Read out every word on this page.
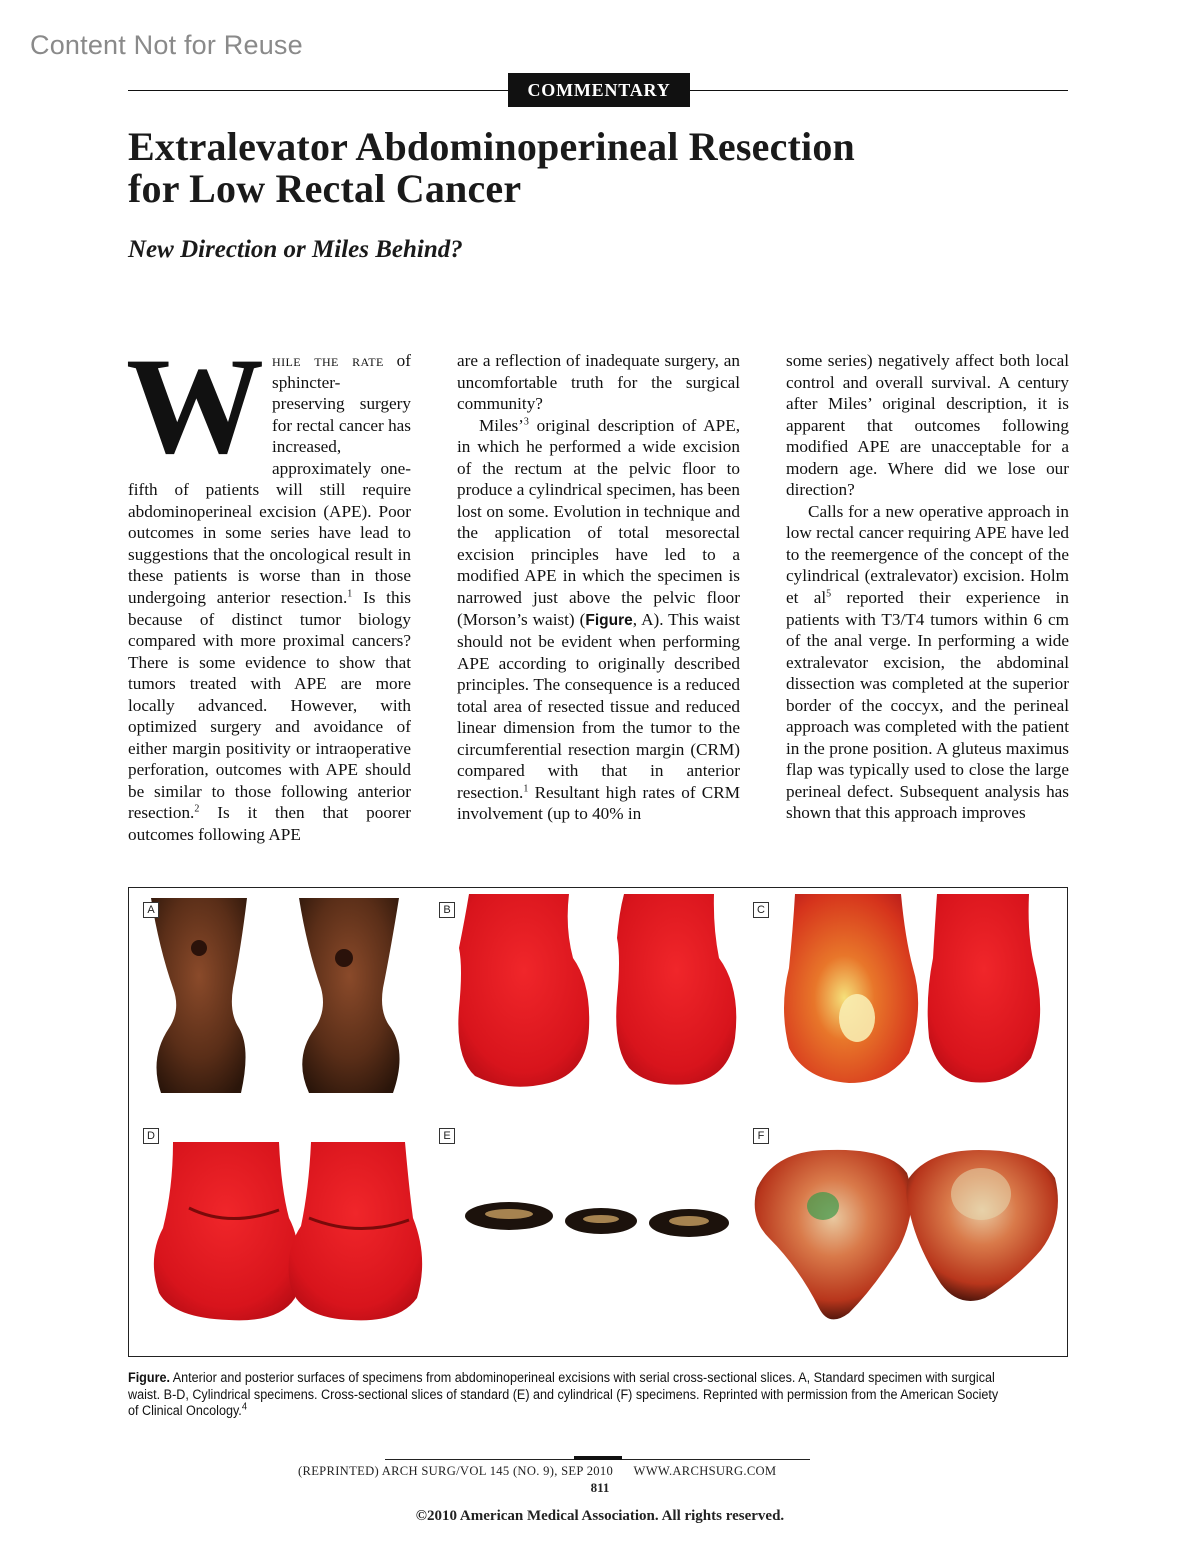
Content Not for Reuse
COMMENTARY
Extralevator Abdominoperineal Resection
for Low Rectal Cancer
New Direction or Miles Behind?

While the rate of sphincter-preserving surgery for rectal cancer has increased, approximately one-fifth of patients will still require abdominoperineal excision (APE). Poor outcomes in some series have lead to suggestions that the oncological result in these patients is worse than in those undergoing anterior resection.$^1$ Is this because of distinct tumor biology compared with more proximal cancers? There is some evidence to show that tumors treated with APE are more locally advanced. However, with optimized surgery and avoidance of either margin positivity or intraoperative perforation, outcomes with APE should be similar to those following anterior resection.$^2$ Is it then that poorer outcomes following APE

are a reflection of inadequate surgery, an uncomfortable truth for the surgical community?

Miles’$^3$ original description of APE, in which he performed a wide excision of the rectum at the pelvic floor to produce a cylindrical specimen, has been lost on some. Evolution in technique and the application of total mesorectal excision principles have led to a modified APE in which the specimen is narrowed just above the pelvic floor (Morson’s waist) (Figure, A). This waist should not be evident when performing APE according to originally described principles. The consequence is a reduced total area of resected tissue and reduced linear dimension from the tumor to the circumferential resection margin (CRM) compared with that in anterior resection.$^1$ Resultant high rates of CRM involvement (up to 40% in

some series) negatively affect both local control and overall survival. A century after Miles’ original description, it is apparent that outcomes following modified APE are unacceptable for a modern age. Where did we lose our direction?

Calls for a new operative approach in low rectal cancer requiring APE have led to the reemergence of the concept of the cylindrical (extralevator) excision. Holm et $al^5$ reported their experience in patients with T3/T4 tumors within 6 cm of the anal verge. In performing a wide extralevator excision, the abdominal dissection was completed at the superior border of the coccyx, and the perineal approach was completed with the patient in the prone position. A gluteus maximus flap was typically used to close the large perineal defect. Subsequent analysis has shown that this approach improves

A	B	C
D	E	F

Figure. Anterior and posterior surfaces of specimens from abdominoperineal excisions with serial cross-sectional slices. A, Standard specimen with surgical waist. B-D, Cylindrical specimens. Cross-sectional slices of standard (E) and cylindrical (F) specimens. Reprinted with permission from the American Society of Clinical Oncology.$^4$

(REPRINTED) ARCH SURG/VOL 145 (NO. 9), SEP 2010 WWW.ARCHSURG.COM
811
©2010 American Medical Association. All rights reserved.
